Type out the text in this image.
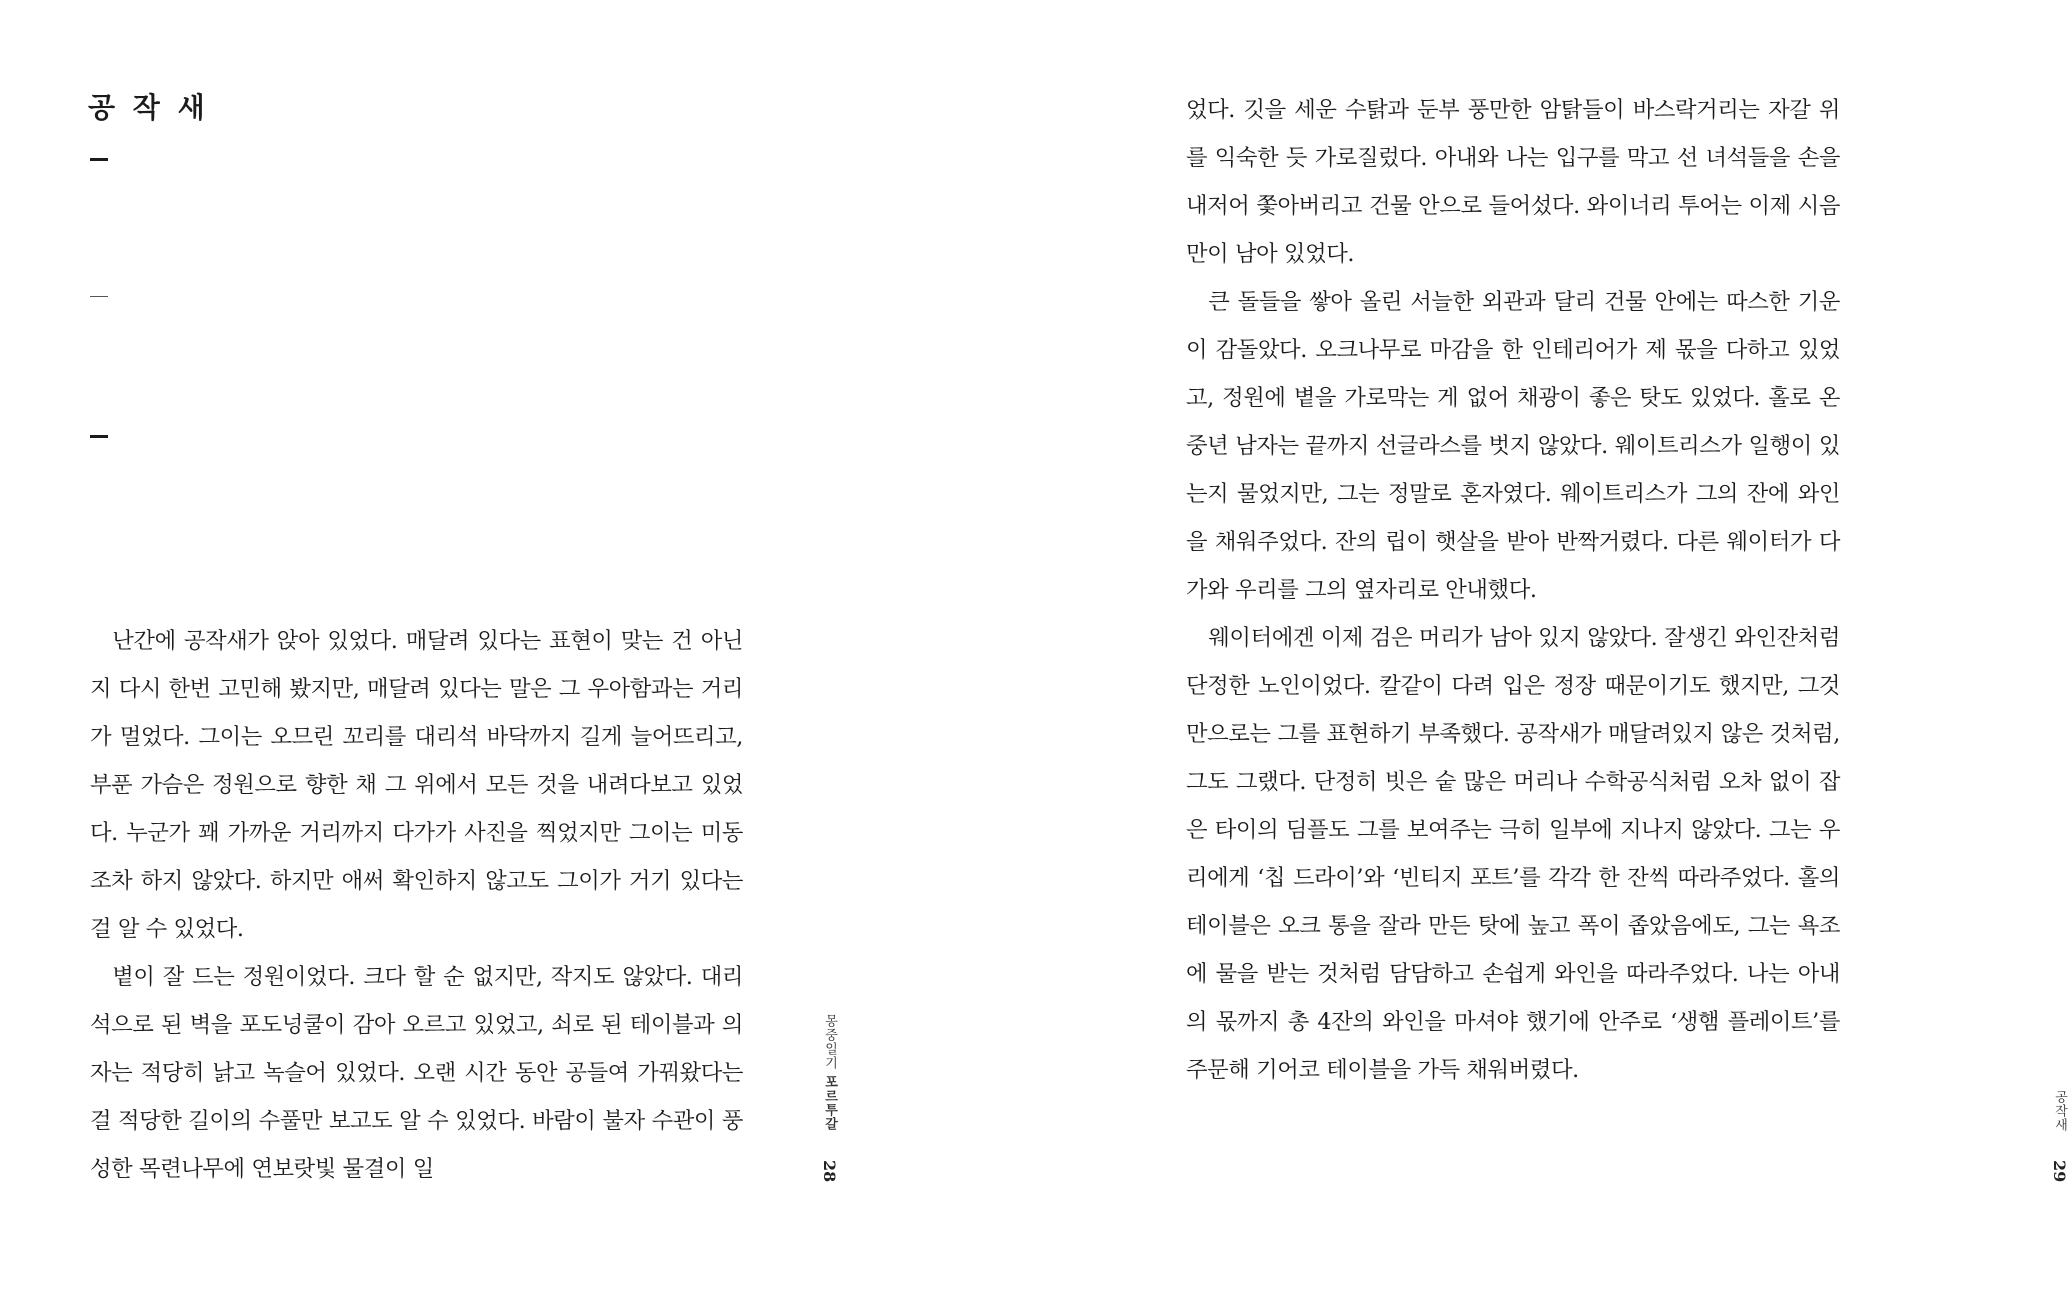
공 작 새

난간에 공작새가 앉아 있었다. 매달려 있다는 표현이 맞는 건 아닌지 다시 한번 고민해 봤지만, 매달려 있다는 말은 그 우아함과는 거리가 멀었다. 그이는 오므린 꼬리를 대리석 바닥까지 길게 늘어뜨리고, 부푼 가슴은 정원으로 향한 채 그 위에서 모든 것을 내려다보고 있었다. 누군가 꽤 가까운 거리까지 다가가 사진을 찍었지만 그이는 미동조차 하지 않았다. 하지만 애써 확인하지 않고도 그이가 거기 있다는 걸 알 수 있었다.

볕이 잘 드는 정원이었다. 크다 할 순 없지만, 작지도 않았다. 대리석으로 된 벽을 포도넝쿨이 감아 오르고 있었고, 쇠로 된 테이블과 의자는 적당히 낡고 녹슬어 있었다. 오랜 시간 동안 공들여 가꿔왔다는 걸 적당한 길이의 수풀만 보고도 알 수 있었다. 바람이 불자 수관이 풍성한 목련나무에 연보랏빛 물결이 일

몽중일기 포르투갈
28
공작새
29

었다. 깃을 세운 수탉과 둔부 풍만한 암탉들이 바스락거리는 자갈 위를 익숙한 듯 가로질렀다. 아내와 나는 입구를 막고 선 녀석들을 손을 내저어 쫓아버리고 건물 안으로 들어섰다. 와이너리 투어는 이제 시음만이 남아 있었다.

큰 돌들을 쌓아 올린 서늘한 외관과 달리 건물 안에는 따스한 기운이 감돌았다. 오크나무로 마감을 한 인테리어가 제 몫을 다하고 있었고, 정원에 볕을 가로막는 게 없어 채광이 좋은 탓도 있었다. 홀로 온 중년 남자는 끝까지 선글라스를 벗지 않았다. 웨이트리스가 일행이 있는지 물었지만, 그는 정말로 혼자였다. 웨이트리스가 그의 잔에 와인을 채워주었다. 잔의 립이 햇살을 받아 반짝거렸다. 다른 웨이터가 다가와 우리를 그의 옆자리로 안내했다.

웨이터에겐 이제 검은 머리가 남아 있지 않았다. 잘생긴 와인잔처럼 단정한 노인이었다. 칼같이 다려 입은 정장 때문이기도 했지만, 그것만으로는 그를 표현하기 부족했다. 공작새가 매달려있지 않은 것처럼, 그도 그랬다. 단정히 빗은 숱 많은 머리나 수학공식처럼 오차 없이 잡은 타이의 딤플도 그를 보여주는 극히 일부에 지나지 않았다. 그는 우리에게 ‘칩 드라이’와 ‘빈티지 포트’를 각각 한 잔씩 따라주었다. 홀의 테이블은 오크 통을 잘라 만든 탓에 높고 폭이 좁았음에도, 그는 욕조에 물을 받는 것처럼 담담하고 손쉽게 와인을 따라주었다. 나는 아내의 몫까지 총 4잔의 와인을 마셔야 했기에 안주로 ‘생햄 플레이트’를 주문해 기어코 테이블을 가득 채워버렸다.
